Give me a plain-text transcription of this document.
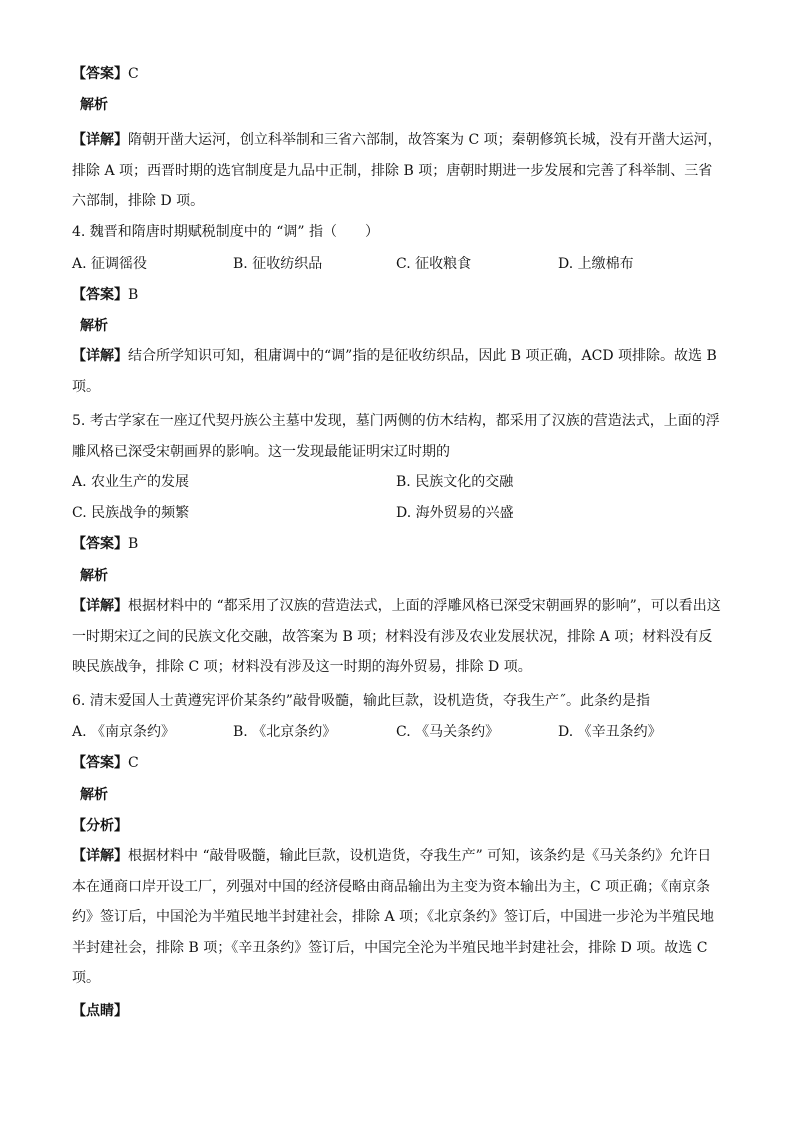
【答案】C
解析
【详解】隋朝开凿大运河，创立科举制和三省六部制，故答案为 C 项；秦朝修筑长城，没有开凿大运河，排除 A 项；西晋时期的选官制度是九品中正制，排除 B 项；唐朝时期进一步发展和完善了科举制、三省六部制，排除 D 项。
4. 魏晋和隋唐时期赋税制度中的 “调” 指（　　）
A. 征调徭役	B. 征收纺织品	C. 征收粮食	D. 上缴棉布
【答案】B
解析
【详解】结合所学知识可知，租庸调中的“调”指的是征收纺织品，因此 B 项正确，ACD 项排除。故选 B 项。
5. 考古学家在一座辽代契丹族公主墓中发现，墓门两侧的仿木结构，都采用了汉族的营造法式，上面的浮雕风格已深受宋朝画界的影响。这一发现最能证明宋辽时期的
A. 农业生产的发展	B. 民族文化的交融
C. 民族战争的频繁	D. 海外贸易的兴盛
【答案】B
解析
【详解】根据材料中的 “都采用了汉族的营造法式，上面的浮雕风格已深受宋朝画界的影响”，可以看出这一时期宋辽之间的民族文化交融，故答案为 B 项；材料没有涉及农业发展状况，排除 A 项；材料没有反映民族战争，排除 C 项；材料没有涉及这一时期的海外贸易，排除 D 项。
6. 清末爱国人士黄遵宪评价某条约”敲骨吸髓，输此巨款，设机造货，夺我生产˝。此条约是指
A. 《南京条约》	B. 《北京条约》	C. 《马关条约》	D. 《辛丑条约》
【答案】C
解析
【分析】
【详解】根据材料中 “敲骨吸髓，输此巨款，设机造货，夺我生产” 可知，该条约是《马关条约》允许日本在通商口岸开设工厂，列强对中国的经济侵略由商品输出为主变为资本输出为主，C 项正确；《南京条约》签订后，中国沦为半殖民地半封建社会，排除 A 项；《北京条约》签订后，中国进一步沦为半殖民地半封建社会，排除 B 项；《辛丑条约》签订后，中国完全沦为半殖民地半封建社会，排除 D 项。故选 C 项。
【点睛】
